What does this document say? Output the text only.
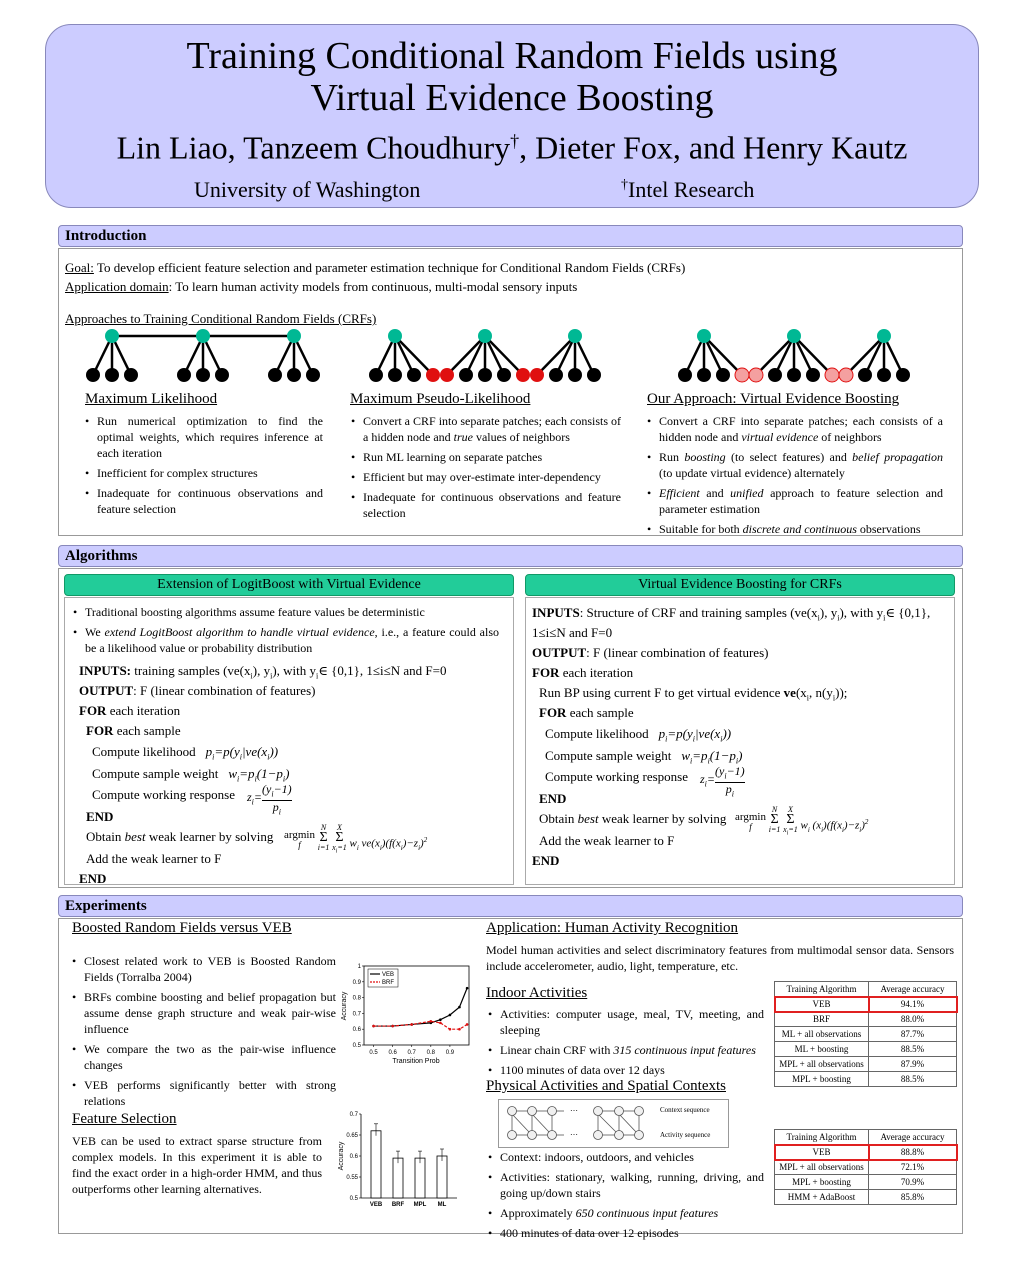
Training Conditional Random Fields using
Virtual Evidence Boosting
Lin Liao, Tanzeem Choudhury†, Dieter Fox, and Henry Kautz
University of Washington	†Intel Research
Introduction
Goal: To develop efficient feature selection and parameter estimation technique for Conditional Random Fields (CRFs)
Application domain: To learn human activity models from continuous, multi-modal sensory inputs
Approaches to Training Conditional Random Fields (CRFs)
Maximum Likelihood
• Run numerical optimization to find the optimal weights, which requires inference at each iteration
• Inefficient for complex structures
• Inadequate for continuous observations and feature selection
Maximum Pseudo-Likelihood
• Convert a CRF into separate patches; each consists of a hidden node and true values of neighbors
• Run ML learning on separate patches
• Efficient but may over-estimate inter-dependency
• Inadequate for continuous observations and feature selection
Our Approach: Virtual Evidence Boosting
• Convert a CRF into separate patches; each consists of a hidden node and virtual evidence of neighbors
• Run boosting (to select features) and belief propagation (to update virtual evidence) alternately
• Efficient and unified approach to feature selection and parameter estimation
• Suitable for both discrete and continuous observations
Algorithms
Extension of LogitBoost with Virtual Evidence
• Traditional boosting algorithms assume feature values be deterministic
• We extend LogitBoost algorithm to handle virtual evidence, i.e., a feature could also be a likelihood value or probability distribution
INPUTS: training samples ($ve(x_i)$, $y_i$), with $y_i\in$ {0,1}, 1≤i≤N and F=0
OUTPUT: F (linear combination of features)
FOR each iteration
FOR each sample
Compute likelihood $p_i=p(y_i|ve(x_i))$
Compute sample weight $w_i=p_i(1-p_i)$
Compute working response $z_i= \frac{(y_i-1)}{p_i}$
END
Obtain best weak learner by solving argmin
f

N
Σ
i=1

X
Σ
$x_i=1$ $w_i$ $ve(x_i)(f(x_i)-z_i)^2$
Add the weak learner to F
END
Virtual Evidence Boosting for CRFs
INPUTS: Structure of CRF and training samples ($ve(x_i)$, $y_i$), with $y_i\in$ {0,1},
1≤i≤N and F=0
OUTPUT: F (linear combination of features)
FOR each iteration
Run BP using current F to get virtual evidence $ve(x_i$, $n(y_i)$);
FOR each sample
Compute likelihood $p_i=p(y_i|ve(x_i))$
Compute sample weight $w_i=p_i(1-p_i)$
Compute working response $z_i= \frac{(y_i-1)}{p_i}$
END
Obtain best weak learner by solving argmin
f

N
Σ
i=1

X
Σ
$x_i=1$ $w_i$ $(x_i)(f(x_i)-z_i)^2$
Add the weak learner to F
END
Experiments
Boosted Random Fields versus VEB
• Closest related work to VEB is Boosted Random Fields (Torralba 2004)
• BRFs combine boosting and belief propagation but assume dense graph structure and weak pair-wise influence
• We compare the two as the pair-wise influence changes
• VEB performs significantly better with strong relations
0.5
0.6
0.7
0.8
0.9
1
0.5 0.6 0.7 0.8 0.9
Transition Prob
Accuracy
VEB
BRF
Feature Selection
VEB can be used to extract sparse structure from complex models. In this experiment it is able to find the exact order in a high-order HMM, and thus outperforms other learning alternatives.
0.5
0.55
0.6
0.65
0.7
VEB BRF MPL ML
Accuracy
Application: Human Activity Recognition
Model human activities and select discriminatory features from multimodal sensor data. Sensors include accelerometer, audio, light, temperature, etc.
Indoor Activities
• Activities: computer usage, meal, TV, meeting, and sleeping
• Linear chain CRF with 315 continuous input features
• 1100 minutes of data over 12 days
Training Algorithm	Average accuracy
VEB	94.1%
BRF	88.0%
ML + all observations	87.7%
ML + boosting	88.5%
MPL + all observations	87.9%
MPL + boosting	88.5%
Physical Activities and Spatial Contexts
…
…
Context sequence
Activity sequence
• Context: indoors, outdoors, and vehicles
• Activities: stationary, walking, running, driving, and going up/down stairs
• Approximately 650 continuous input features
• 400 minutes of data over 12 episodes
Training Algorithm	Average accuracy
VEB	88.8%
MPL + all observations	72.1%
MPL + boosting	70.9%
HMM + AdaBoost	85.8%
